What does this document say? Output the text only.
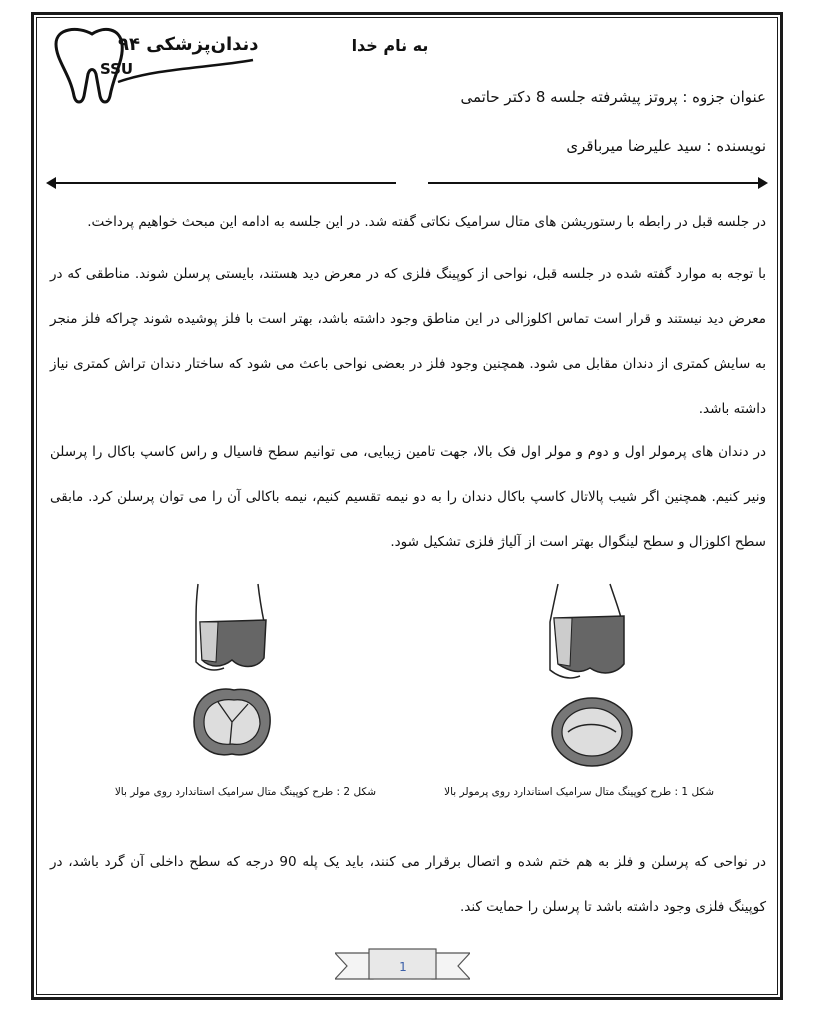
دندان‌پزشکی ۹۴
SSU
به نام خدا
عنوان جزوه : پروتز پیشرفته جلسه 8 دکتر حاتمی
نویسنده : سید علیرضا میرباقری
در جلسه قبل در رابطه با رستوریشن های متال سرامیک نکاتی گفته شد. در این جلسه به ادامه این مبحث خواهیم پرداخت.
با توجه به موارد گفته شده در جلسه قبل، نواحی از کوپینگ فلزی که در معرض دید هستند، بایستی پرسلن شوند. مناطقی که در معرض دید نیستند و قرار است تماس اکلوزالی در این مناطق وجود داشته باشد، بهتر است با فلز پوشیده شوند چراکه فلز منجر به سایش کمتری از دندان مقابل می شود. همچنین وجود فلز در بعضی نواحی باعث می شود که ساختار دندان تراش کمتری نیاز داشته باشد.
در دندان های پرمولر اول و دوم و مولر اول فک بالا، جهت تامین زیبایی، می توانیم سطح فاسیال و راس کاسپ باکال را پرسلن ونیر کنیم. همچنین اگر شیب پالاتال کاسپ باکال دندان را به دو نیمه تقسیم کنیم، نیمه باکالی آن را می توان پرسلن کرد. مابقی سطح اکلوزال و سطح لینگوال بهتر است از آلیاژ فلزی تشکیل شود.
شکل 1 : طرح کوپینگ متال سرامیک استاندارد روی پرمولر بالا
شکل 2 : طرح کوپینگ متال سرامیک استاندارد روی مولر بالا
در نواحی که پرسلن و فلز به هم ختم شده و اتصال برقرار می کنند، باید یک پله 90 درجه که سطح داخلی آن گرد باشد، در کوپینگ فلزی وجود داشته باشد تا پرسلن را حمایت کند.
1
